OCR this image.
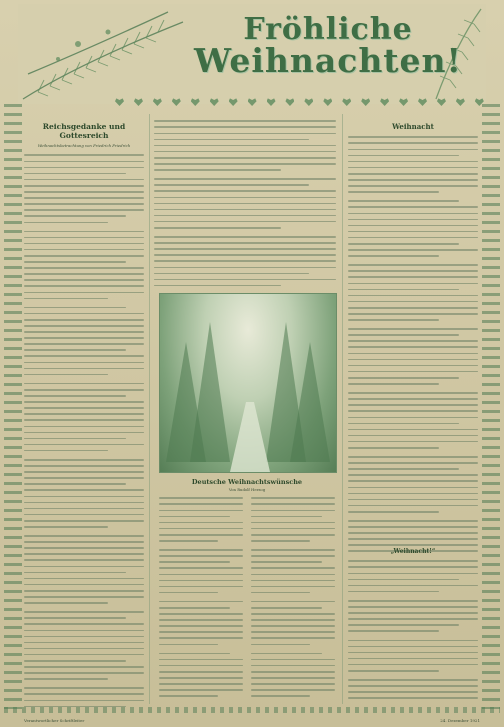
Fröhliche
Weihnachten!
Reichsgedanke und Gottesreich
Weihnachtsbetrachtung von Friedrich Friedrich
Deutsche Weihnachtswünsche
Von Rudolf Herzog
Weihnacht
„Weihnacht!“
Verantwortlicher Schriftleiter	24. Dezember 1921
